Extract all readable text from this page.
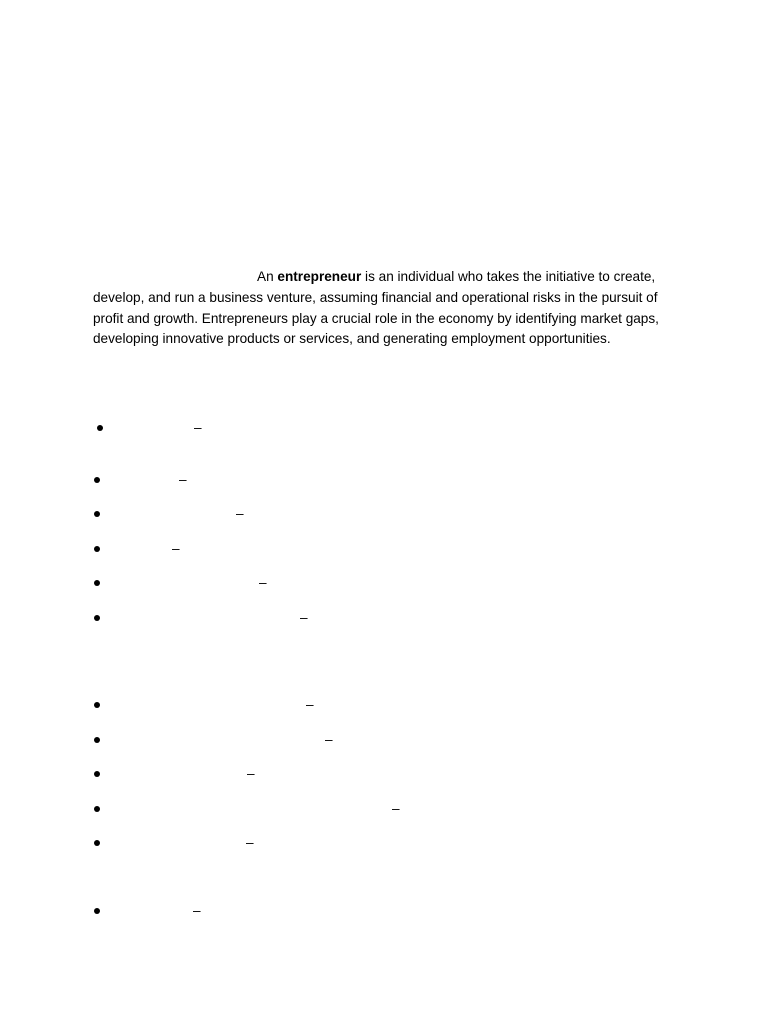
An entrepreneur is an individual who takes the initiative to create, develop, and run a business venture, assuming financial and operational risks in the pursuit of profit and growth. Entrepreneurs play a crucial role in the economy by identifying market gaps, developing innovative products or services, and generating employment opportunities.

–
–
–
–
–
–
–
–
–
–
–
–
